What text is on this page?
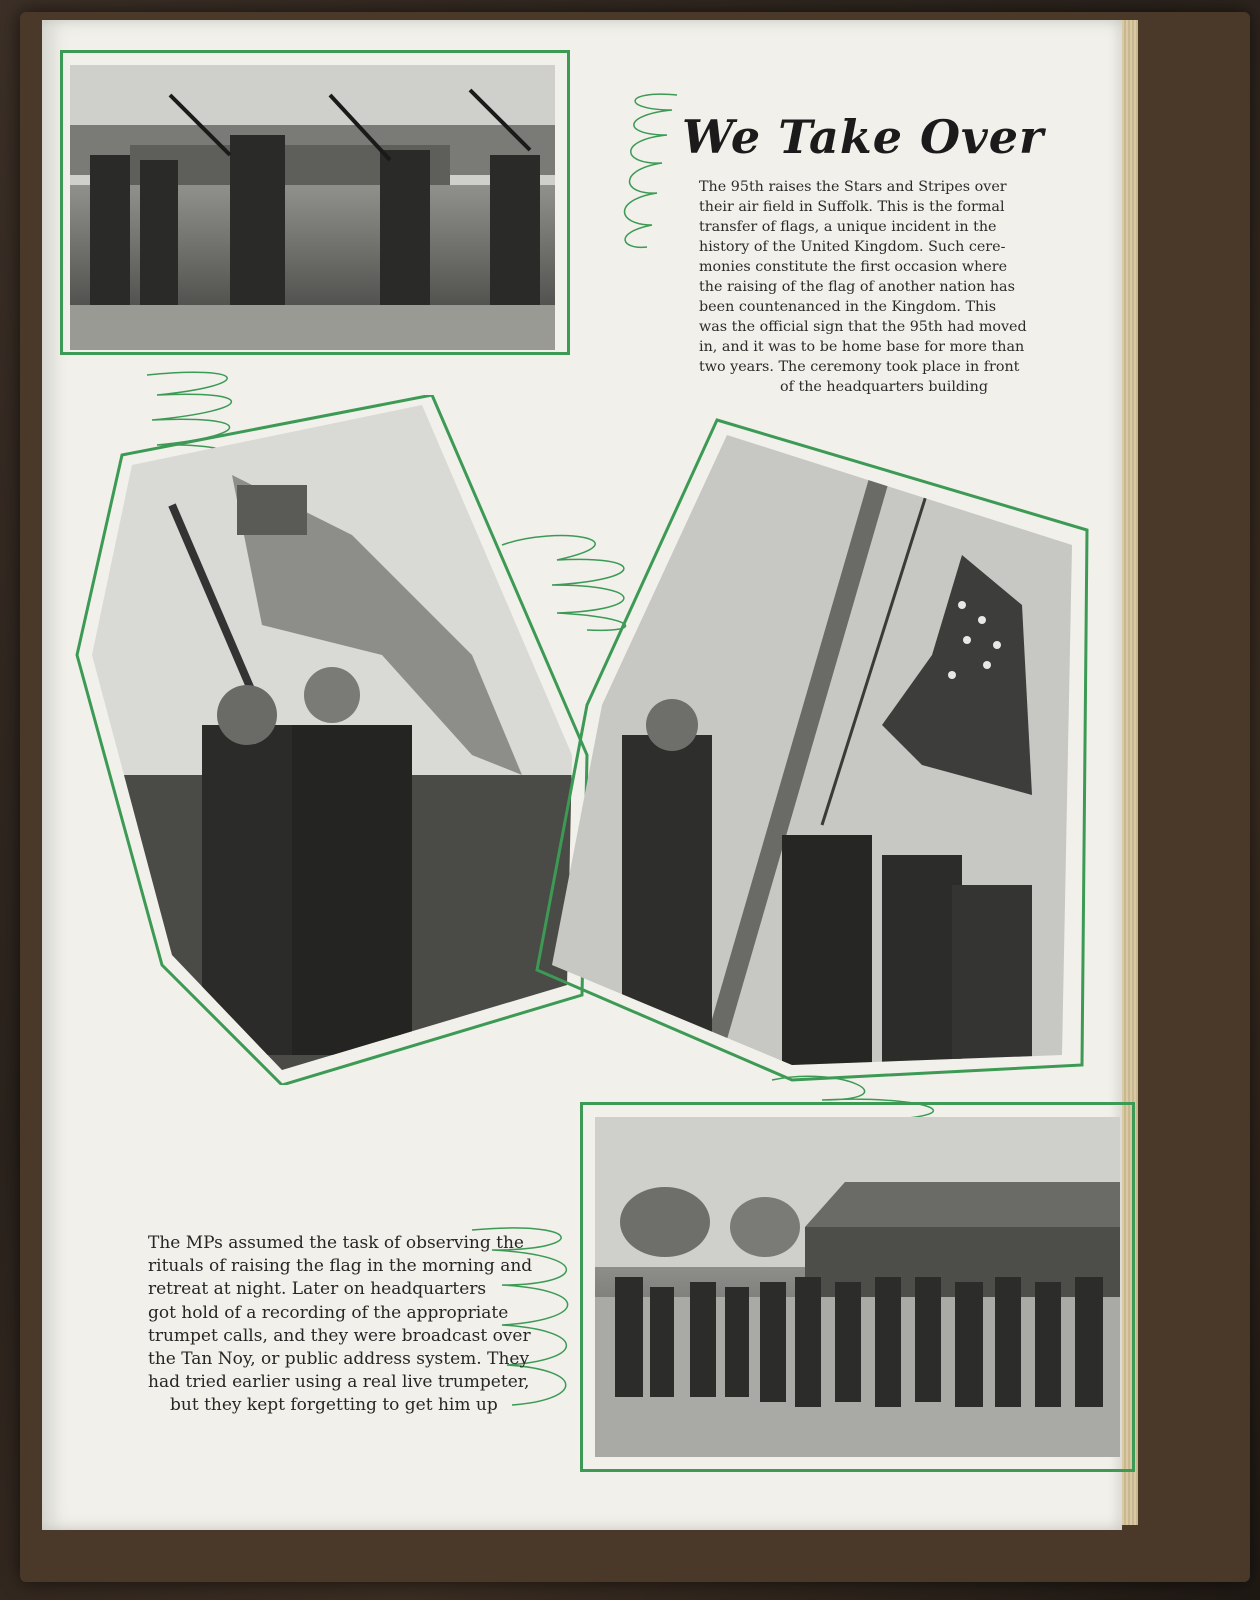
We Take Over
The 95th raises the Stars and Stripes over
their air field in Suffolk. This is the formal
transfer of flags, a unique incident in the
history of the United Kingdom. Such cere-
monies constitute the first occasion where
the raising of the flag of another nation has
been countenanced in the Kingdom. This
was the official sign that the 95th had moved
in, and it was to be home base for more than
two years. The ceremony took place in front
of the headquarters building
The MPs assumed the task of observing the
rituals of raising the flag in the morning and
retreat at night. Later on headquarters
got hold of a recording of the appropriate
trumpet calls, and they were broadcast over
the Tan Noy, or public address system. They
had tried earlier using a real live trumpeter,
but they kept forgetting to get him up
